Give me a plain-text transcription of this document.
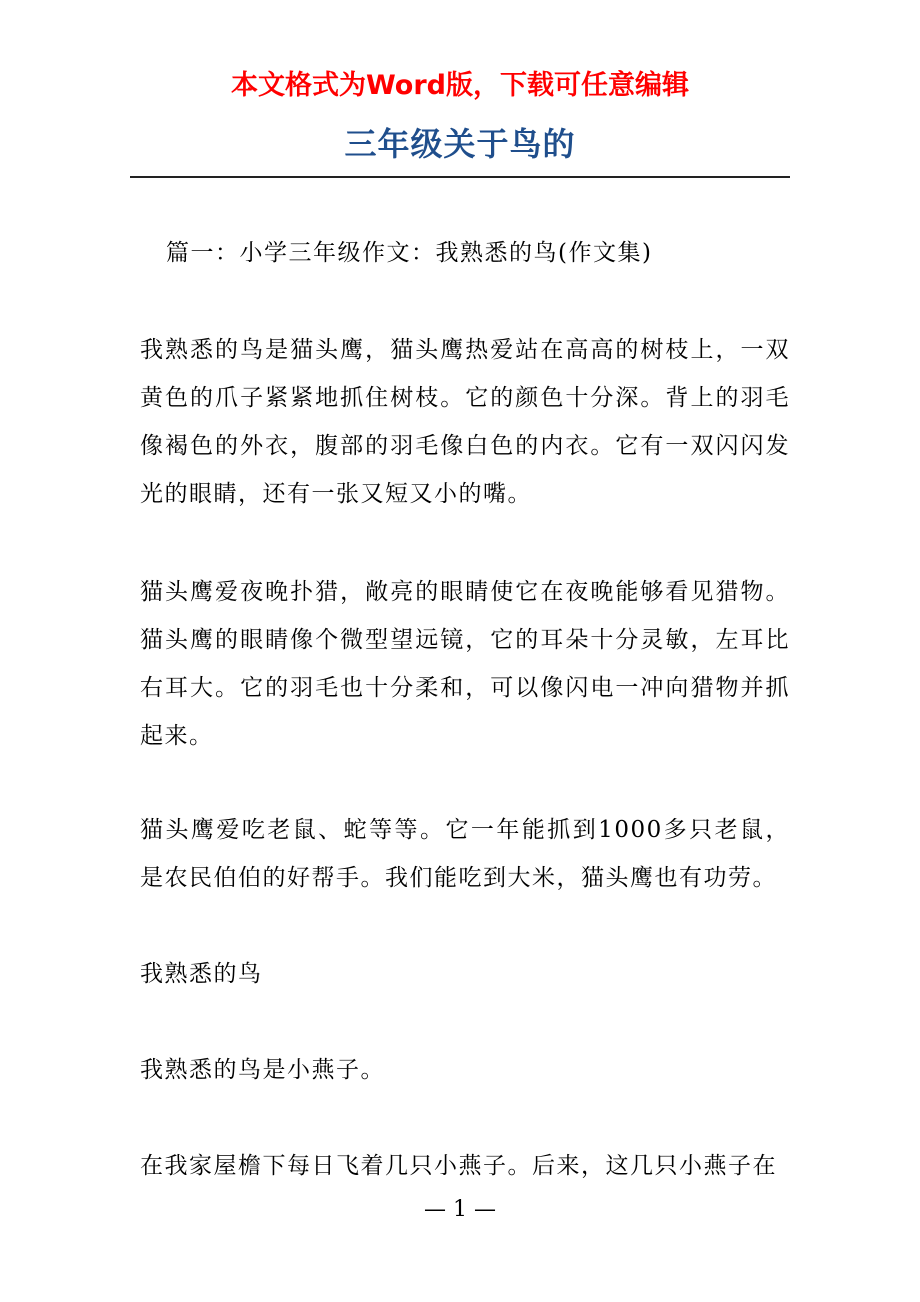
本文格式为Word版，下载可任意编辑
三年级关于鸟的

篇一：小学三年级作文：我熟悉的鸟(作文集)

我熟悉的鸟是猫头鹰，猫头鹰热爱站在高高的树枝上，一双黄色的爪子紧紧地抓住树枝。它的颜色十分深。背上的羽毛像褐色的外衣，腹部的羽毛像白色的内衣。它有一双闪闪发光的眼睛，还有一张又短又小的嘴。

猫头鹰爱夜晚扑猎，敞亮的眼睛使它在夜晚能够看见猎物。猫头鹰的眼睛像个微型望远镜，它的耳朵十分灵敏，左耳比右耳大。它的羽毛也十分柔和，可以像闪电一冲向猎物并抓起来。

猫头鹰爱吃老鼠、蛇等等。它一年能抓到1000多只老鼠，是农民伯伯的好帮手。我们能吃到大米，猫头鹰也有功劳。

我熟悉的鸟

我熟悉的鸟是小燕子。

在我家屋檐下每日飞着几只小燕子。后来，这几只小燕子在

— 1 —
